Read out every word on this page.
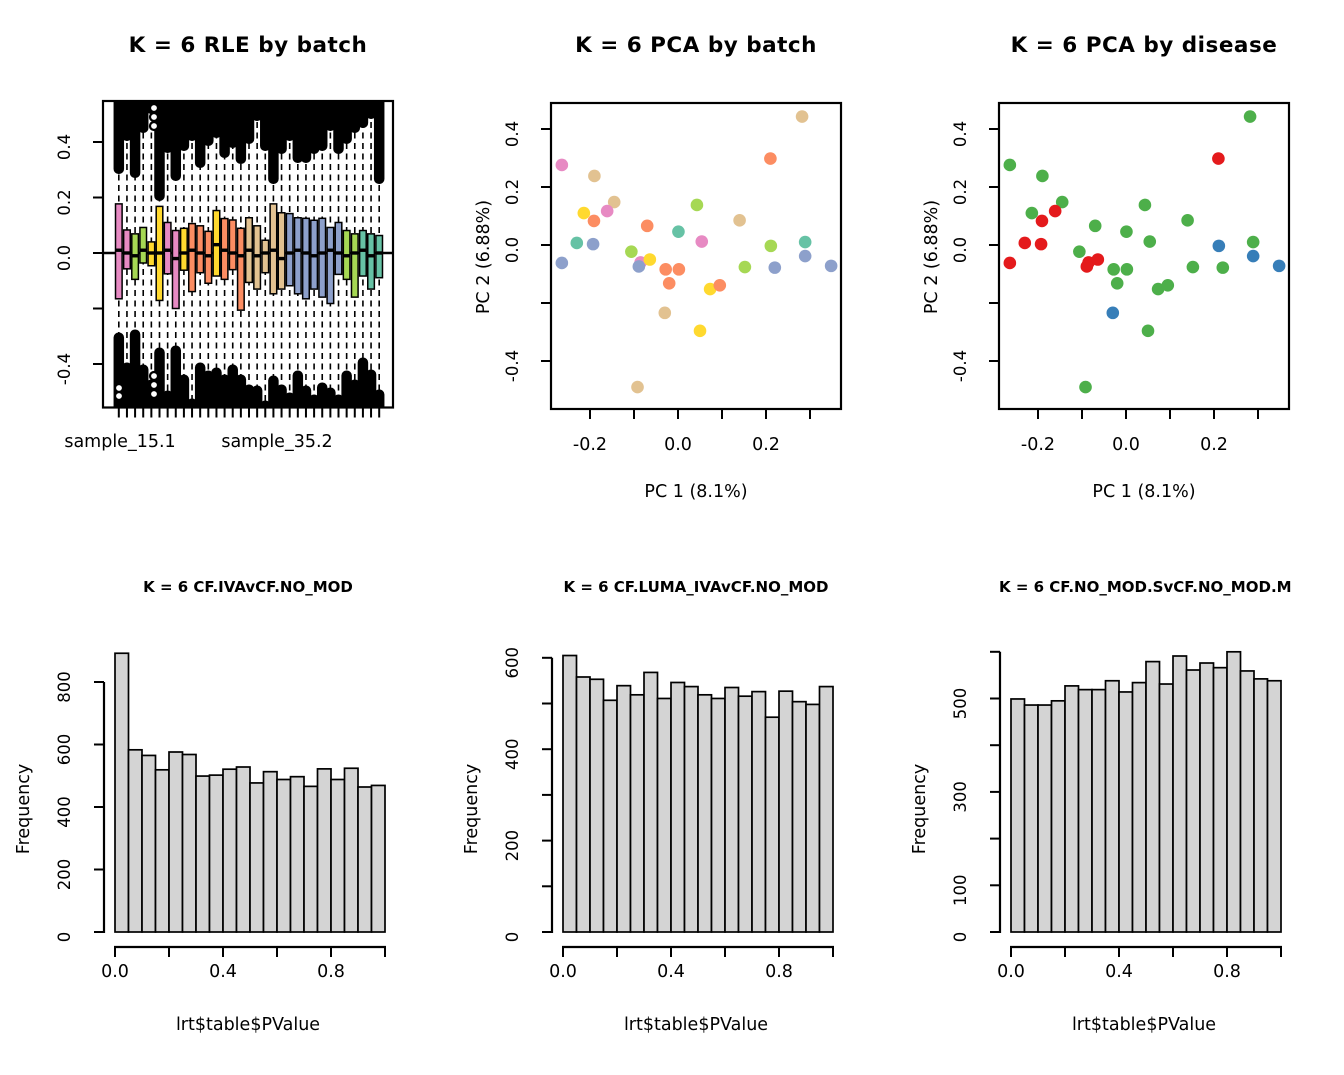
0.4
0.2
0.0
-0.4
sample_15.1	sample_35.2
K = 6 RLE by batch
0.4
0.2
0.0
-0.4
-0.2	0.0	0.2
K = 6 PCA by batch
PC 1 (8.1%)
PC 2 (6.88%)
0.4
0.2
0.0
-0.4
-0.2	0.0	0.2
K = 6 PCA by disease
PC 1 (8.1%)
PC 2 (6.88%)
0
200
400
600
800
0.0	0.4	0.8
K = 6 CF.IVAvCF.NO_MOD
lrt$table$PValue
Frequency
0
200
400
600
0.0	0.4	0.8
K = 6 CF.LUMA_IVAvCF.NO_MOD
lrt$table$PValue
Frequency
0
100
300
500
0.0	0.4	0.8
K = 6 CF.NO_MOD.SvCF.NO_MOD.M
lrt$table$PValue
Frequency
